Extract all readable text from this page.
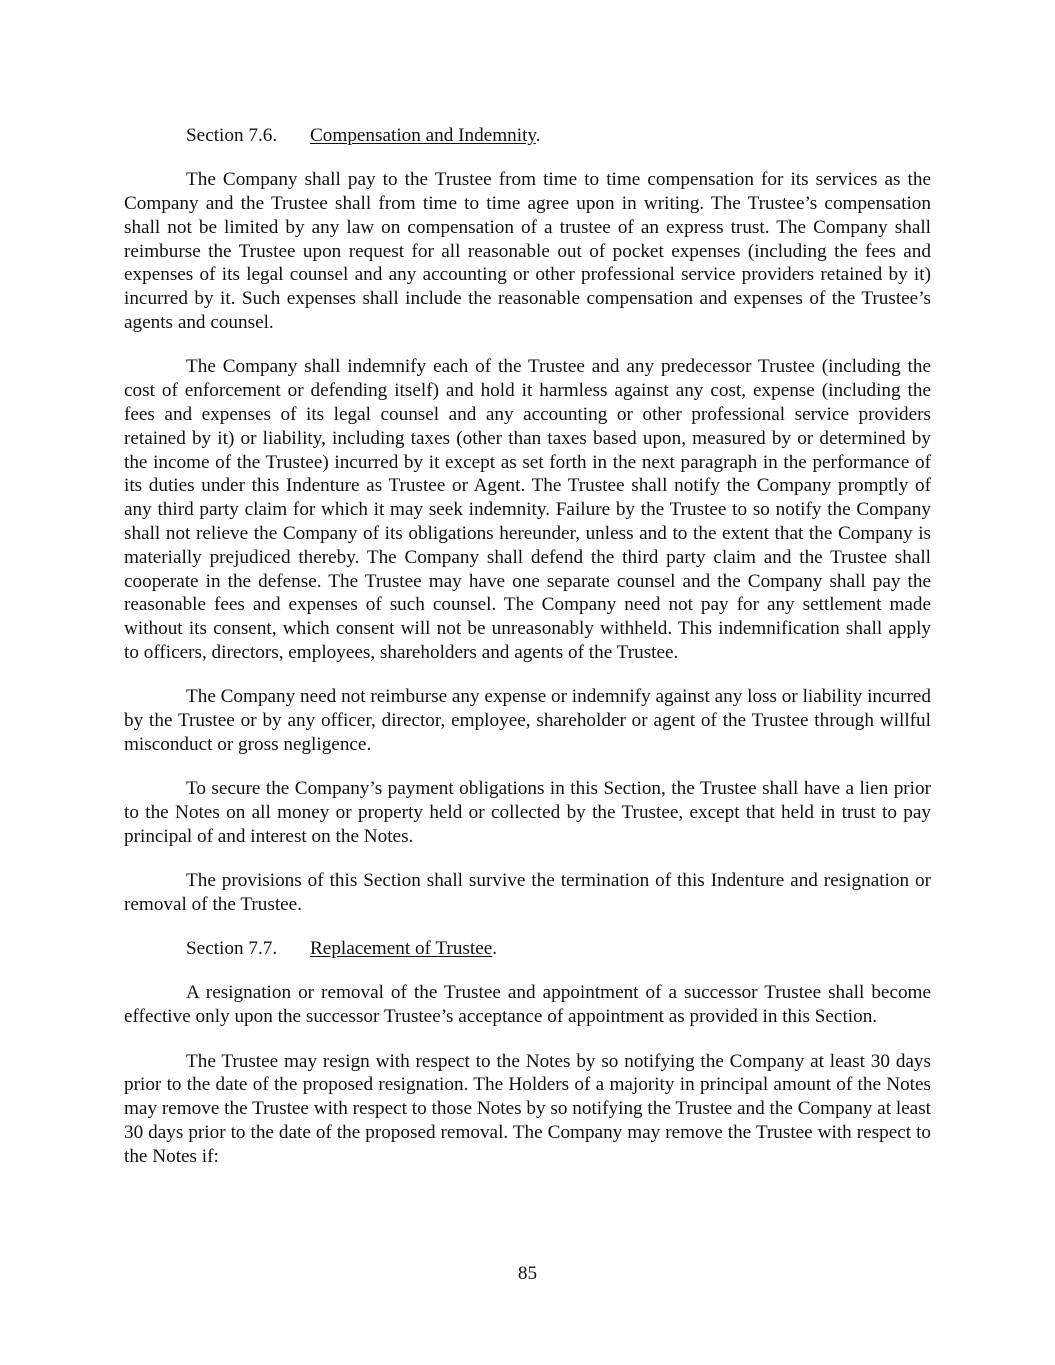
Section 7.6. Compensation and Indemnity.

The Company shall pay to the Trustee from time to time compensation for its services as the Company and the Trustee shall from time to time agree upon in writing. The Trustee’s compensation shall not be limited by any law on compensation of a trustee of an express trust. The Company shall reimburse the Trustee upon request for all reasonable out of pocket expenses (including the fees and expenses of its legal counsel and any accounting or other professional service providers retained by it) incurred by it. Such expenses shall include the reasonable compensation and expenses of the Trustee’s agents and counsel.

The Company shall indemnify each of the Trustee and any predecessor Trustee (including the cost of enforcement or defending itself) and hold it harmless against any cost, expense (including the fees and expenses of its legal counsel and any accounting or other professional service providers retained by it) or liability, including taxes (other than taxes based upon, measured by or determined by the income of the Trustee) incurred by it except as set forth in the next paragraph in the performance of its duties under this Indenture as Trustee or Agent. The Trustee shall notify the Company promptly of any third party claim for which it may seek indemnity. Failure by the Trustee to so notify the Company shall not relieve the Company of its obligations hereunder, unless and to the extent that the Company is materially prejudiced thereby. The Company shall defend the third party claim and the Trustee shall cooperate in the defense. The Trustee may have one separate counsel and the Company shall pay the reasonable fees and expenses of such counsel. The Company need not pay for any settlement made without its consent, which consent will not be unreasonably withheld. This indemnification shall apply to officers, directors, employees, shareholders and agents of the Trustee.

The Company need not reimburse any expense or indemnify against any loss or liability incurred by the Trustee or by any officer, director, employee, shareholder or agent of the Trustee through willful misconduct or gross negligence.

To secure the Company’s payment obligations in this Section, the Trustee shall have a lien prior to the Notes on all money or property held or collected by the Trustee, except that held in trust to pay principal of and interest on the Notes.

The provisions of this Section shall survive the termination of this Indenture and resignation or removal of the Trustee.

Section 7.7. Replacement of Trustee.

A resignation or removal of the Trustee and appointment of a successor Trustee shall become effective only upon the successor Trustee’s acceptance of appointment as provided in this Section.

The Trustee may resign with respect to the Notes by so notifying the Company at least 30 days prior to the date of the proposed resignation. The Holders of a majority in principal amount of the Notes may remove the Trustee with respect to those Notes by so notifying the Trustee and the Company at least 30 days prior to the date of the proposed removal. The Company may remove the Trustee with respect to the Notes if:

85
